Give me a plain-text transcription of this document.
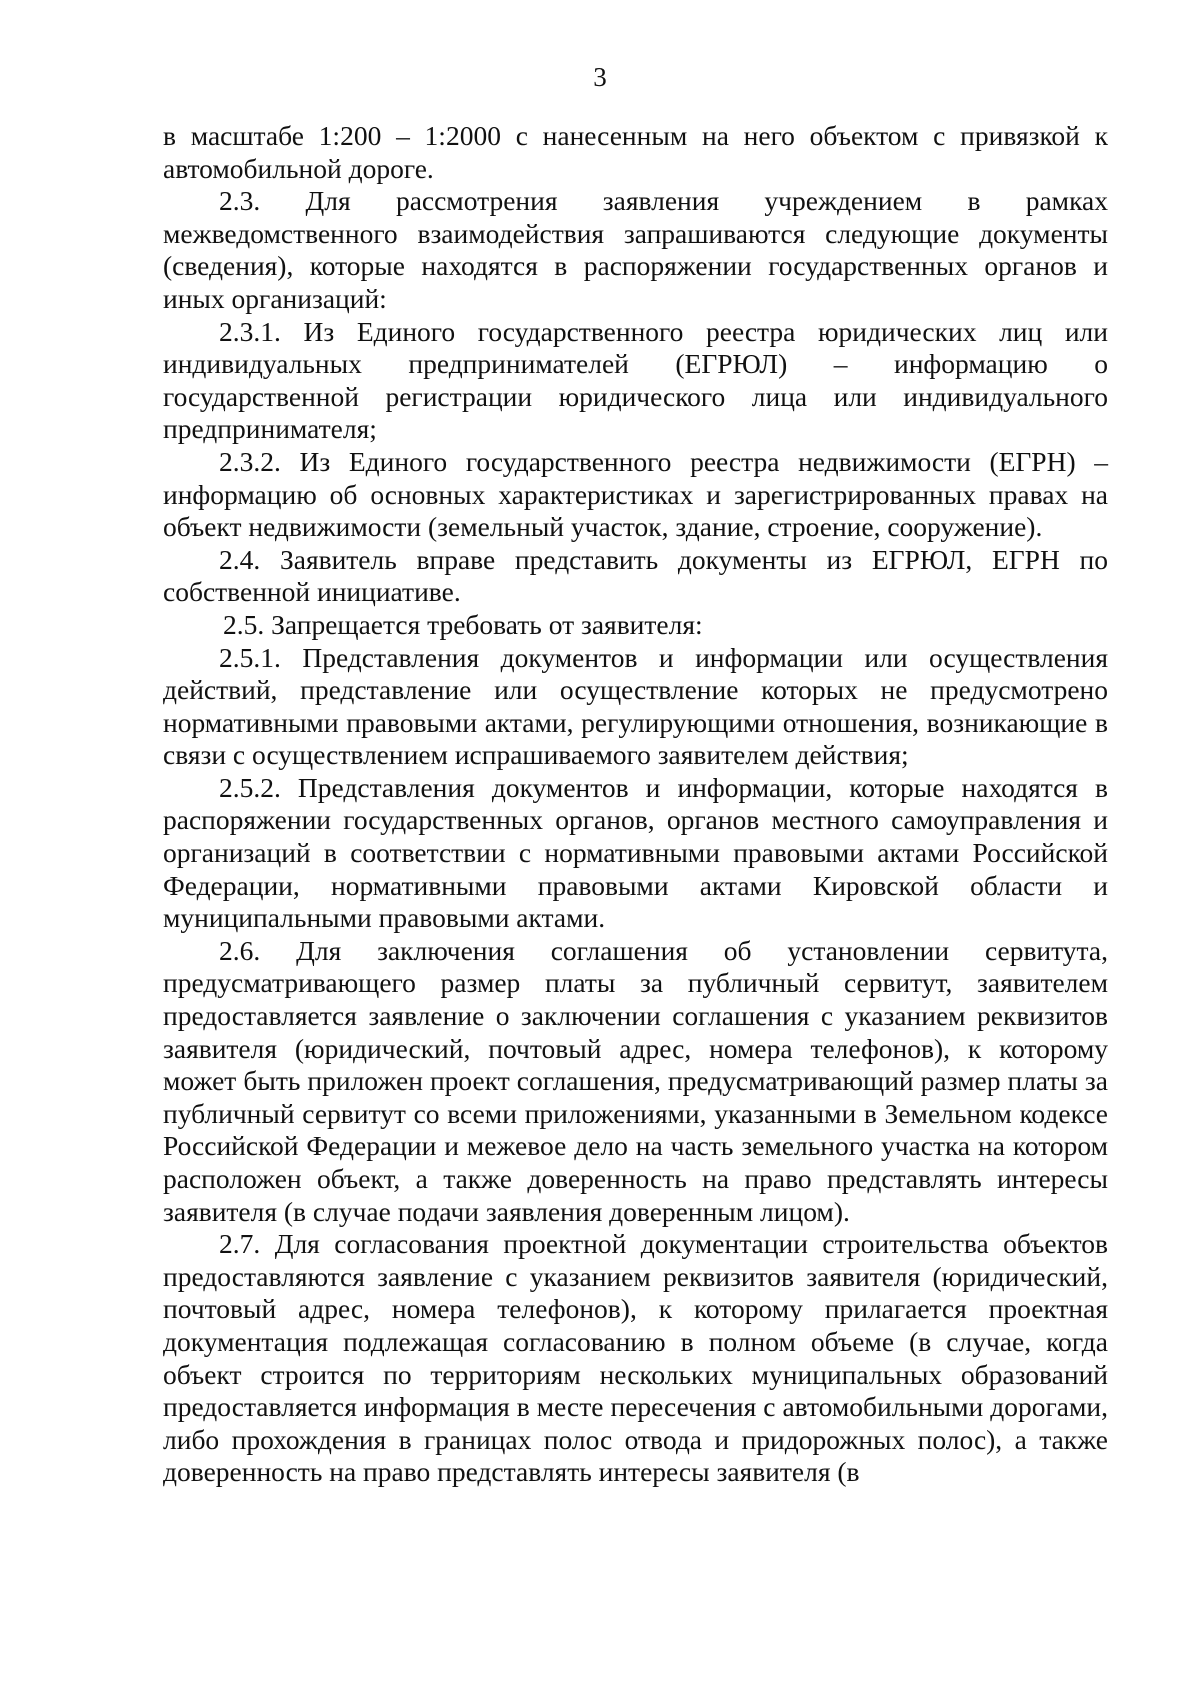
3

в масштабе 1:200 – 1:2000 с нанесенным на него объектом с привязкой к автомобильной дороге.

2.3. Для рассмотрения заявления учреждением в рамках межведомственного взаимодействия запрашиваются следующие документы (сведения), которые находятся в распоряжении государственных органов и иных организаций:

2.3.1. Из Единого государственного реестра юридических лиц или индивидуальных предпринимателей (ЕГРЮЛ) – информацию о государственной регистрации юридического лица или индивидуального предпринимателя;

2.3.2. Из Единого государственного реестра недвижимости (ЕГРН) – информацию об основных характеристиках и зарегистрированных правах на объект недвижимости (земельный участок, здание, строение, сооружение).

2.4. Заявитель вправе представить документы из ЕГРЮЛ, ЕГРН по собственной инициативе.

2.5. Запрещается требовать от заявителя:

2.5.1. Представления документов и информации или осуществления действий, представление или осуществление которых не предусмотрено нормативными правовыми актами, регулирующими отношения, возникающие в связи с осуществлением испрашиваемого заявителем действия;

2.5.2. Представления документов и информации, которые находятся в распоряжении государственных органов, органов местного самоуправления и организаций в соответствии с нормативными правовыми актами Российской Федерации, нормативными правовыми актами Кировской области и муниципальными правовыми актами.

2.6. Для заключения соглашения об установлении сервитута, предусматривающего размер платы за публичный сервитут, заявителем предоставляется заявление о заключении соглашения с указанием реквизитов заявителя (юридический, почтовый адрес, номера телефонов), к которому может быть приложен проект соглашения, предусматривающий размер платы за публичный сервитут со всеми приложениями, указанными в Земельном кодексе Российской Федерации и межевое дело на часть земельного участка на котором расположен объект, а также доверенность на право представлять интересы заявителя (в случае подачи заявления доверенным лицом).

2.7. Для согласования проектной документации строительства объектов предоставляются заявление с указанием реквизитов заявителя (юридический, почтовый адрес, номера телефонов), к которому прилагается проектная документация подлежащая согласованию в полном объеме (в случае, когда объект строится по территориям нескольких муниципальных образований предоставляется информация в месте пересечения с автомобильными дорогами, либо прохождения в границах полос отвода и придорожных полос), а также доверенность на право представлять интересы заявителя (в
